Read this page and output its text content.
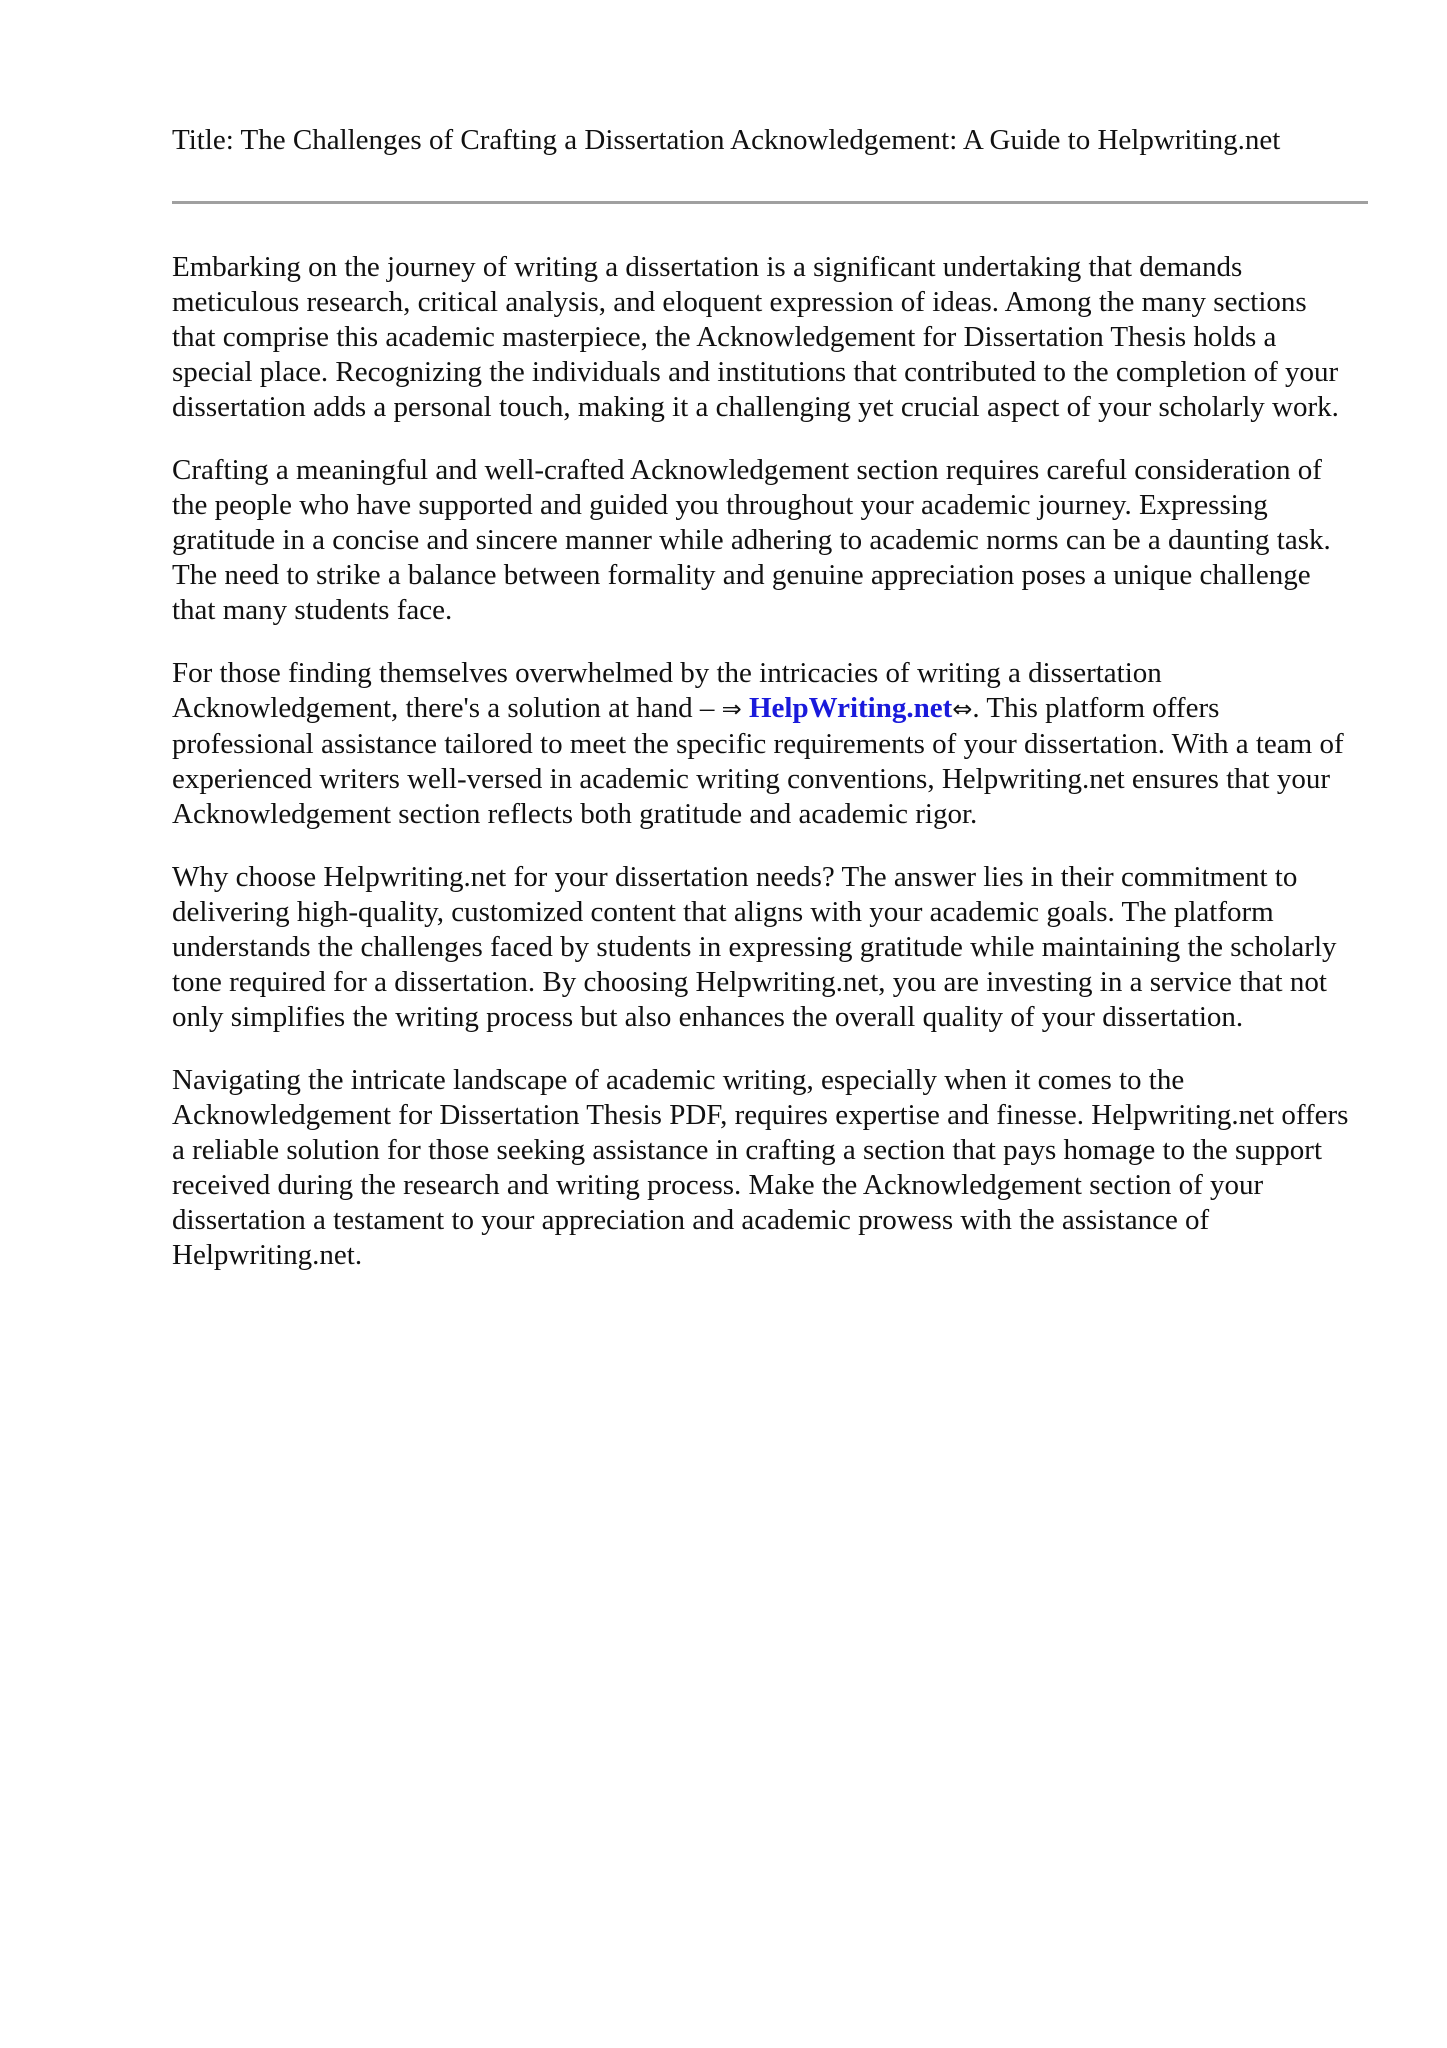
Title: The Challenges of Crafting a Dissertation Acknowledgement: A Guide to Helpwriting.net

Embarking on the journey of writing a dissertation is a significant undertaking that demands
meticulous research, critical analysis, and eloquent expression of ideas. Among the many sections
that comprise this academic masterpiece, the Acknowledgement for Dissertation Thesis holds a
special place. Recognizing the individuals and institutions that contributed to the completion of your
dissertation adds a personal touch, making it a challenging yet crucial aspect of your scholarly work.

Crafting a meaningful and well-crafted Acknowledgement section requires careful consideration of
the people who have supported and guided you throughout your academic journey. Expressing
gratitude in a concise and sincere manner while adhering to academic norms can be a daunting task.
The need to strike a balance between formality and genuine appreciation poses a unique challenge
that many students face.

For those finding themselves overwhelmed by the intricacies of writing a dissertation
Acknowledgement, there's a solution at hand – ⇒ HelpWriting.net⇔. This platform offers
professional assistance tailored to meet the specific requirements of your dissertation. With a team of
experienced writers well-versed in academic writing conventions, Helpwriting.net ensures that your
Acknowledgement section reflects both gratitude and academic rigor.

Why choose Helpwriting.net for your dissertation needs? The answer lies in their commitment to
delivering high-quality, customized content that aligns with your academic goals. The platform
understands the challenges faced by students in expressing gratitude while maintaining the scholarly
tone required for a dissertation. By choosing Helpwriting.net, you are investing in a service that not
only simplifies the writing process but also enhances the overall quality of your dissertation.

Navigating the intricate landscape of academic writing, especially when it comes to the
Acknowledgement for Dissertation Thesis PDF, requires expertise and finesse. Helpwriting.net offers
a reliable solution for those seeking assistance in crafting a section that pays homage to the support
received during the research and writing process. Make the Acknowledgement section of your
dissertation a testament to your appreciation and academic prowess with the assistance of
Helpwriting.net.
